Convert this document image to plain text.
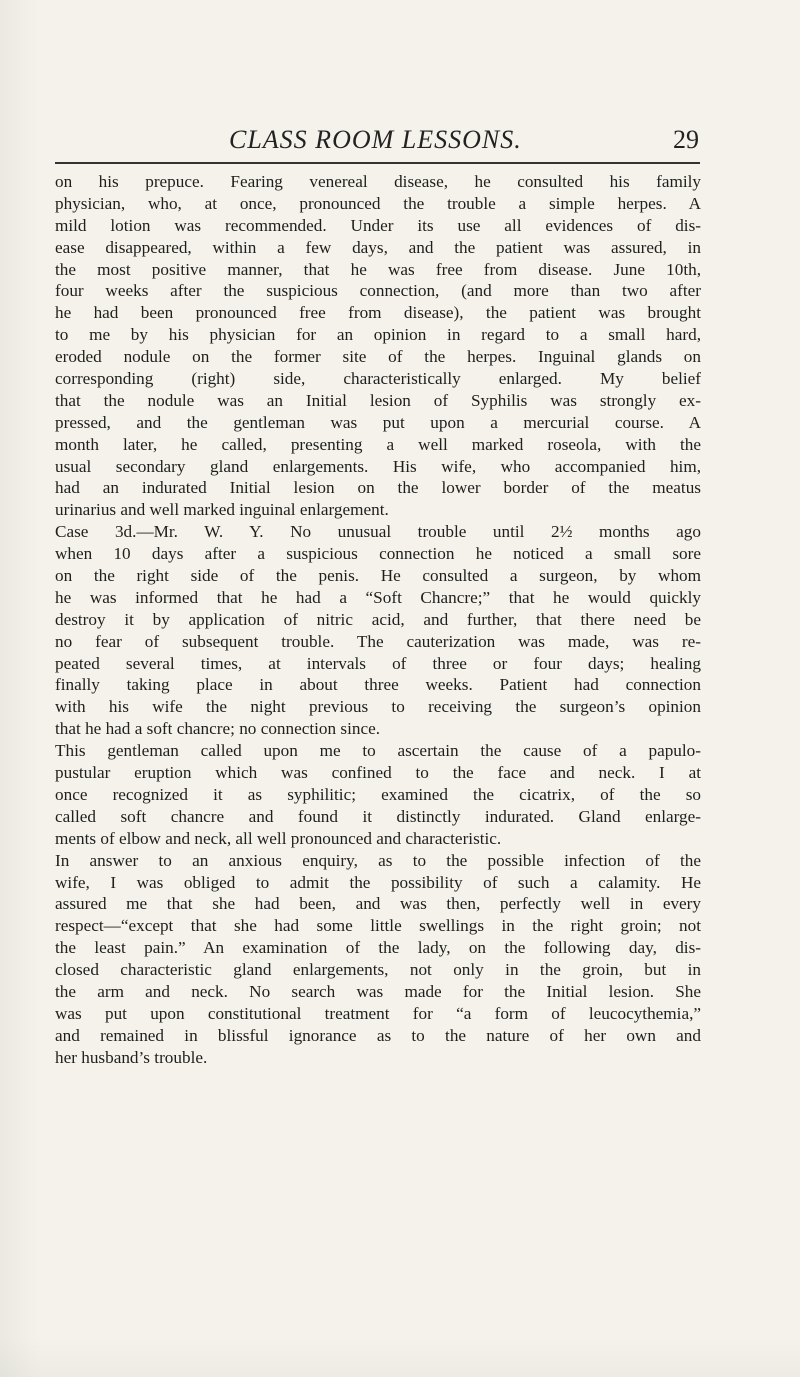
CLASS ROOM LESSONS.	29
on his prepuce. Fearing venereal disease, he consulted his family
physician, who, at once, pronounced the trouble a simple herpes. A
mild lotion was recommended. Under its use all evidences of dis-
ease disappeared, within a few days, and the patient was assured, in
the most positive manner, that he was free from disease. June 10th,
four weeks after the suspicious connection, (and more than two after
he had been pronounced free from disease), the patient was brought
to me by his physician for an opinion in regard to a small hard,
eroded nodule on the former site of the herpes. Inguinal glands on
corresponding (right) side, characteristically enlarged. My belief
that the nodule was an Initial lesion of Syphilis was strongly ex-
pressed, and the gentleman was put upon a mercurial course. A
month later, he called, presenting a well marked roseola, with the
usual secondary gland enlargements. His wife, who accompanied him,
had an indurated Initial lesion on the lower border of the meatus
urinarius and well marked inguinal enlargement.
Case 3d.—Mr. W. Y. No unusual trouble until 2½ months ago
when 10 days after a suspicious connection he noticed a small sore
on the right side of the penis. He consulted a surgeon, by whom
he was informed that he had a “Soft Chancre;” that he would quickly
destroy it by application of nitric acid, and further, that there need be
no fear of subsequent trouble. The cauterization was made, was re-
peated several times, at intervals of three or four days; healing
finally taking place in about three weeks. Patient had connection
with his wife the night previous to receiving the surgeon’s opinion
that he had a soft chancre; no connection since.
This gentleman called upon me to ascertain the cause of a papulo-
pustular eruption which was confined to the face and neck. I at
once recognized it as syphilitic; examined the cicatrix, of the so
called soft chancre and found it distinctly indurated. Gland enlarge-
ments of elbow and neck, all well pronounced and characteristic.
In answer to an anxious enquiry, as to the possible infection of the
wife, I was obliged to admit the possibility of such a calamity. He
assured me that she had been, and was then, perfectly well in every
respect—“except that she had some little swellings in the right groin; not
the least pain.” An examination of the lady, on the following day, dis-
closed characteristic gland enlargements, not only in the groin, but in
the arm and neck. No search was made for the Initial lesion. She
was put upon constitutional treatment for “a form of leucocythemia,”
and remained in blissful ignorance as to the nature of her own and
her husband’s trouble.
